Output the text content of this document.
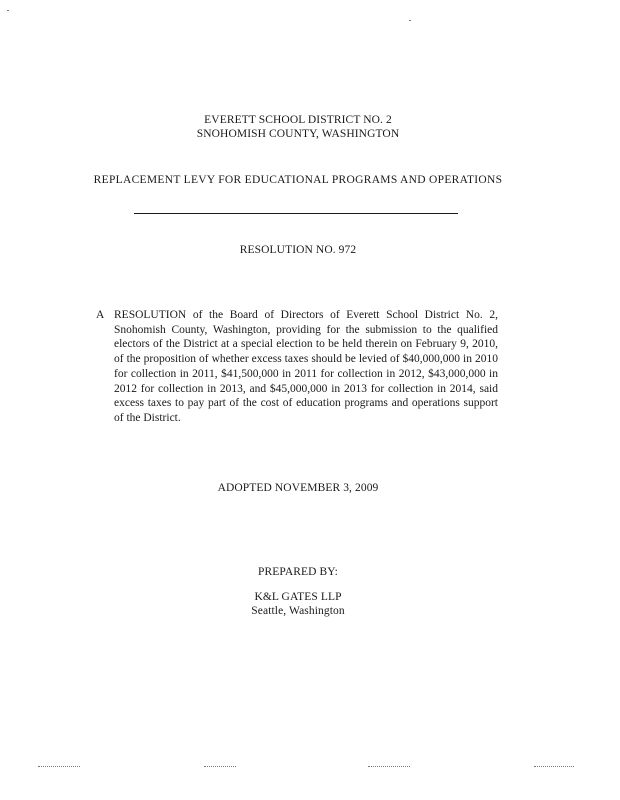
EVERETT SCHOOL DISTRICT NO. 2
SNOHOMISH COUNTY, WASHINGTON
REPLACEMENT LEVY FOR EDUCATIONAL PROGRAMS AND OPERATIONS
RESOLUTION NO. 972
A RESOLUTION of the Board of Directors of Everett School District No. 2, Snohomish County, Washington, providing for the submission to the qualified electors of the District at a special election to be held therein on February 9, 2010, of the proposition of whether excess taxes should be levied of $40,000,000 in 2010 for collection in 2011, $41,500,000 in 2011 for collection in 2012, $43,000,000 in 2012 for collection in 2013, and $45,000,000 in 2013 for collection in 2014, said excess taxes to pay part of the cost of education programs and operations support of the District.
ADOPTED NOVEMBER 3, 2009
PREPARED BY:
K&L GATES LLP
Seattle, Washington
